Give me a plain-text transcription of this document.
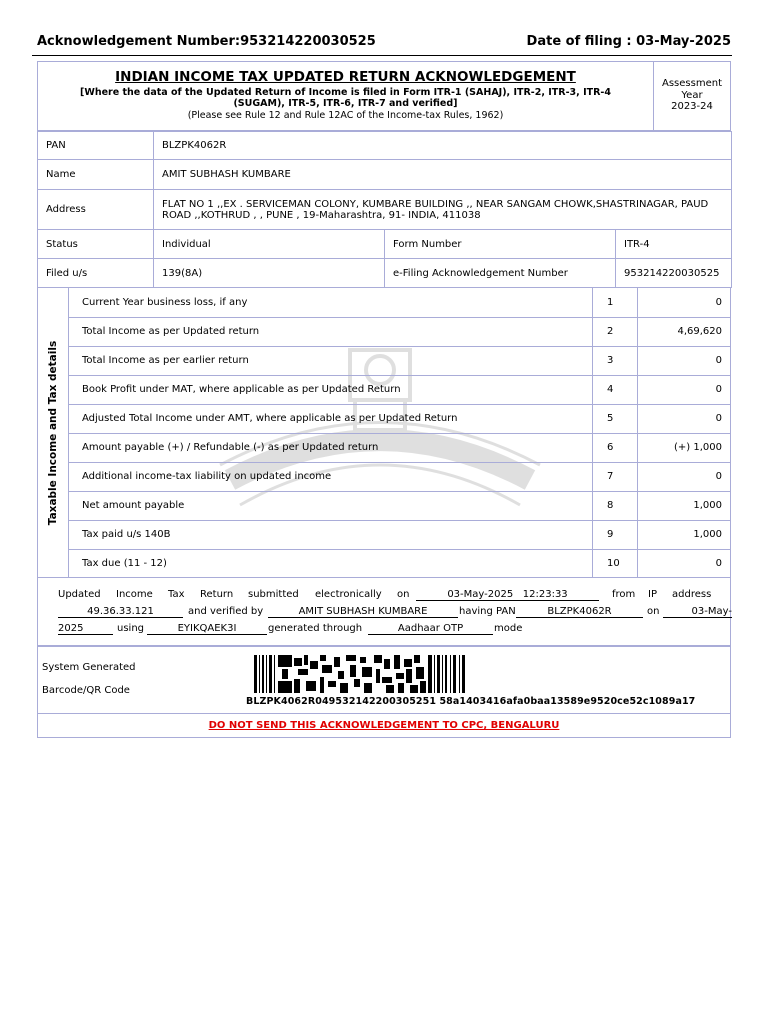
Acknowledgement Number:953214220030525	Date of filing : 03-May-2025
INDIAN INCOME TAX UPDATED RETURN ACKNOWLEDGEMENT
[Where the data of the Updated Return of Income is filed in Form ITR-1 (SAHAJ), ITR-2, ITR-3, ITR-4 (SUGAM), ITR-5, ITR-6, ITR-7 and verified]
(Please see Rule 12 and Rule 12AC of the Income-tax Rules, 1962)
Assessment
Year
2023-24
PAN	BLZPK4062R		
Name	AMIT SUBHASH KUMBARE		
Address	FLAT NO 1 ,,EX . SERVICEMAN COLONY, KUMBARE BUILDING ,, NEAR SANGAM CHOWK,SHASTRINAGAR, PAUD ROAD ,,KOTHRUD , , PUNE , 19-Maharashtra, 91- INDIA, 411038		
Status	Individual	Form Number	ITR-4
Filed u/s	139(8A)	e-Filing Acknowledgement Number	953214220030525
Taxable Income and Tax details
Current Year business loss, if any	1	0
Total Income as per Updated return	2	4,69,620
Total Income as per earlier return	3	0
Book Profit under MAT, where applicable as per Updated Return	4	0
Adjusted Total Income under AMT, where applicable as per Updated Return	5	0
Amount payable (+) / Refundable (-) as per Updated return	6	(+) 1,000
Additional income-tax liability on updated income	7	0
Net amount payable	8	1,000
Tax paid u/s 140B	9	1,000
Tax due (11 - 12)	10	0
Updated Income Tax Return submitted electronically on	03-May-2025 12:23:33	from IP address
49.36.33.121	and verified by	AMIT SUBHASH KUMBARE	having PAN	BLZPK4062R	on	03-May-
2025	using	EYIKQAEK3I	generated through	Aadhaar OTP	mode
System Generated
Barcode/QR Code
BLZPK4062R049532142200305251 58a1403416afa0baa13589e9520ce52c1089a17
DO NOT SEND THIS ACKNOWLEDGEMENT TO CPC, BENGALURU
